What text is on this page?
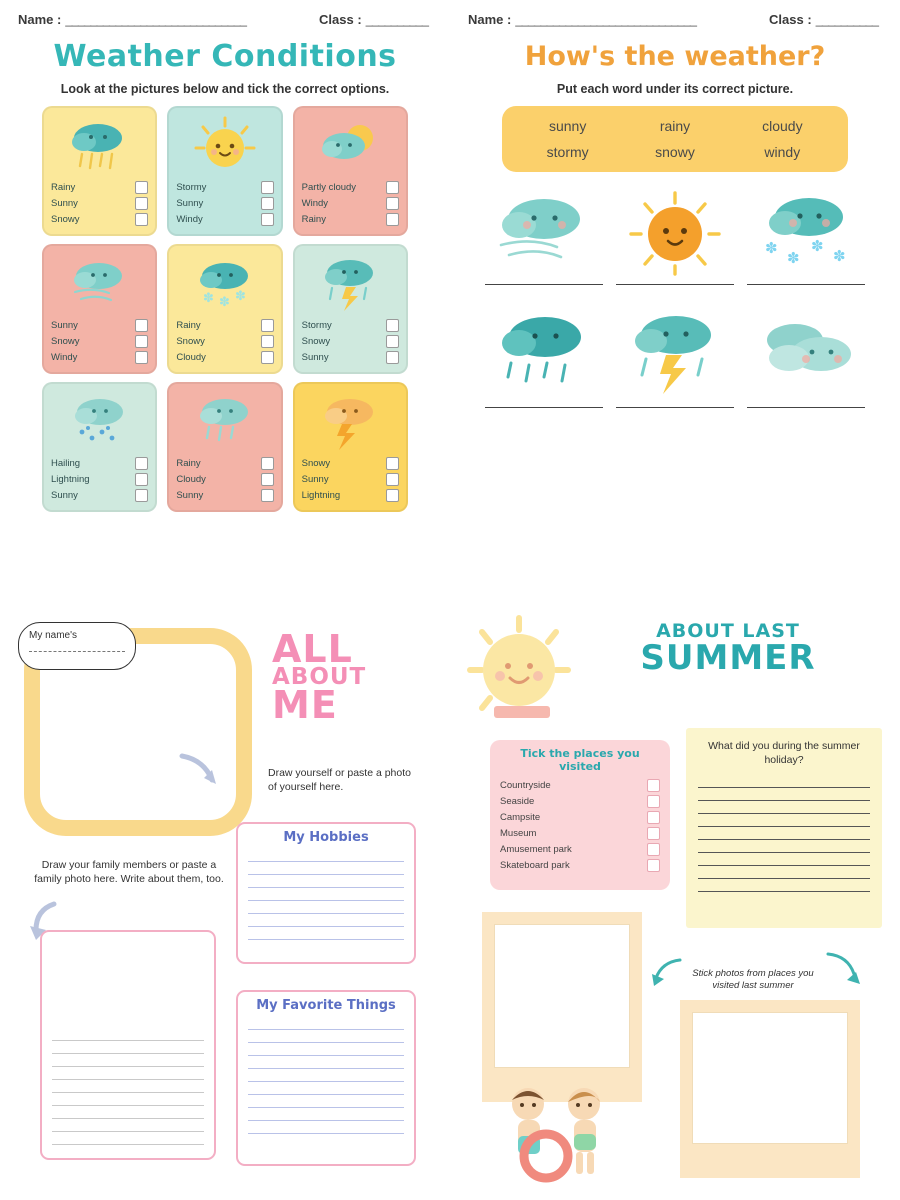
Name : _____________________________	Class : __________
Weather Conditions
Look at the pictures below and tick the correct options.
Rainy
Sunny
Snowy
Stormy
Sunny
Windy
Partly cloudy
Windy
Rainy
Sunny
Snowy
Windy
✽ ✽ ✽
Rainy
Snowy
Cloudy
Stormy
Snowy
Sunny
Hailing
Lightning
Sunny
Rainy
Cloudy
Sunny
Snowy
Sunny
Lightning
Name : _____________________________	Class : __________
How's the weather?
Put each word under its correct picture.
sunny	rainy	cloudy
stormy	snowy	windy
✽
✽
✽
✽
My name's	ALL
ABOUT
ME
Draw yourself or paste a photo of yourself here.
Draw your family members or paste a family photo here. Write about them, too.
My Hobbies
My Favorite Things
ABOUT LAST
SUMMER
Tick the places you visited
Countryside
Seaside
Campsite
Museum
Amusement park
Skateboard park
What did you during the summer holiday?
Stick photos from places you visited last summer
